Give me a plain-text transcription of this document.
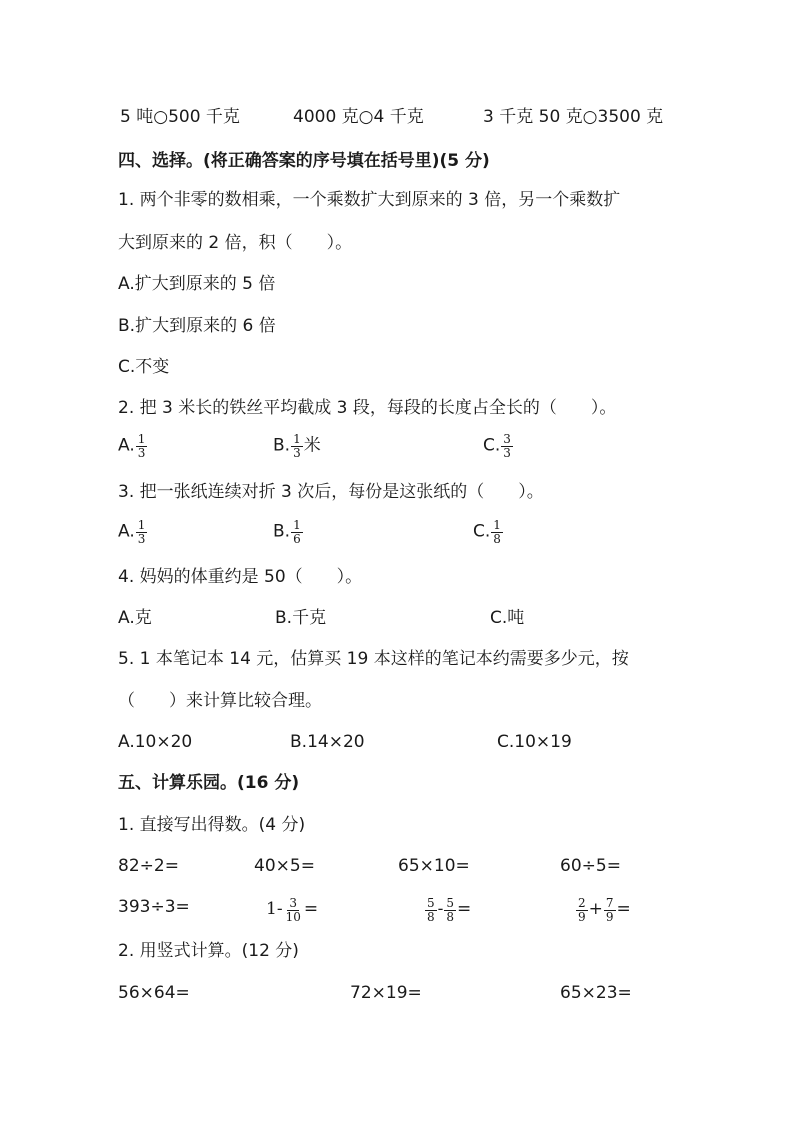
5 吨○500 千克	4000 克○4 千克	3 千克 50 克○3500 克
四、选择。(将正确答案的序号填在括号里)(5 分)
1. 两个非零的数相乘，一个乘数扩大到原来的 3 倍，另一个乘数扩
大到原来的 2 倍，积（　　）。
A.扩大到原来的 5 倍
B.扩大到原来的 6 倍
C.不变
2. 把 3 米长的铁丝平均截成 3 段，每段的长度占全长的（　　）。
A. $\frac{1}{3}$	B. $\frac{1}{3}$ 米	C. $\frac{3}{3}$
3. 把一张纸连续对折 3 次后，每份是这张纸的（　　）。
A. $\frac{1}{3}$	B. $\frac{1}{6}$	C. $\frac{1}{8}$
4. 妈妈的体重约是 50（　　）。
A.克	B.千克	C.吨
5. 1 本笔记本 14 元，估算买 19 本这样的笔记本约需要多少元，按
（　　）来计算比较合理。
A.10×20	B.14×20	C.10×19
五、计算乐园。(16 分)
1. 直接写出得数。(4 分)
82÷2=	40×5=	65×10=	60÷5=
393÷3=	$1- \frac{3}{10}$ =	$\frac{5}{8} - \frac{5}{8}$ =	$\frac{2}{9} + \frac{7}{9}$ =
2. 用竖式计算。(12 分)
56×64=	72×19=	65×23=
